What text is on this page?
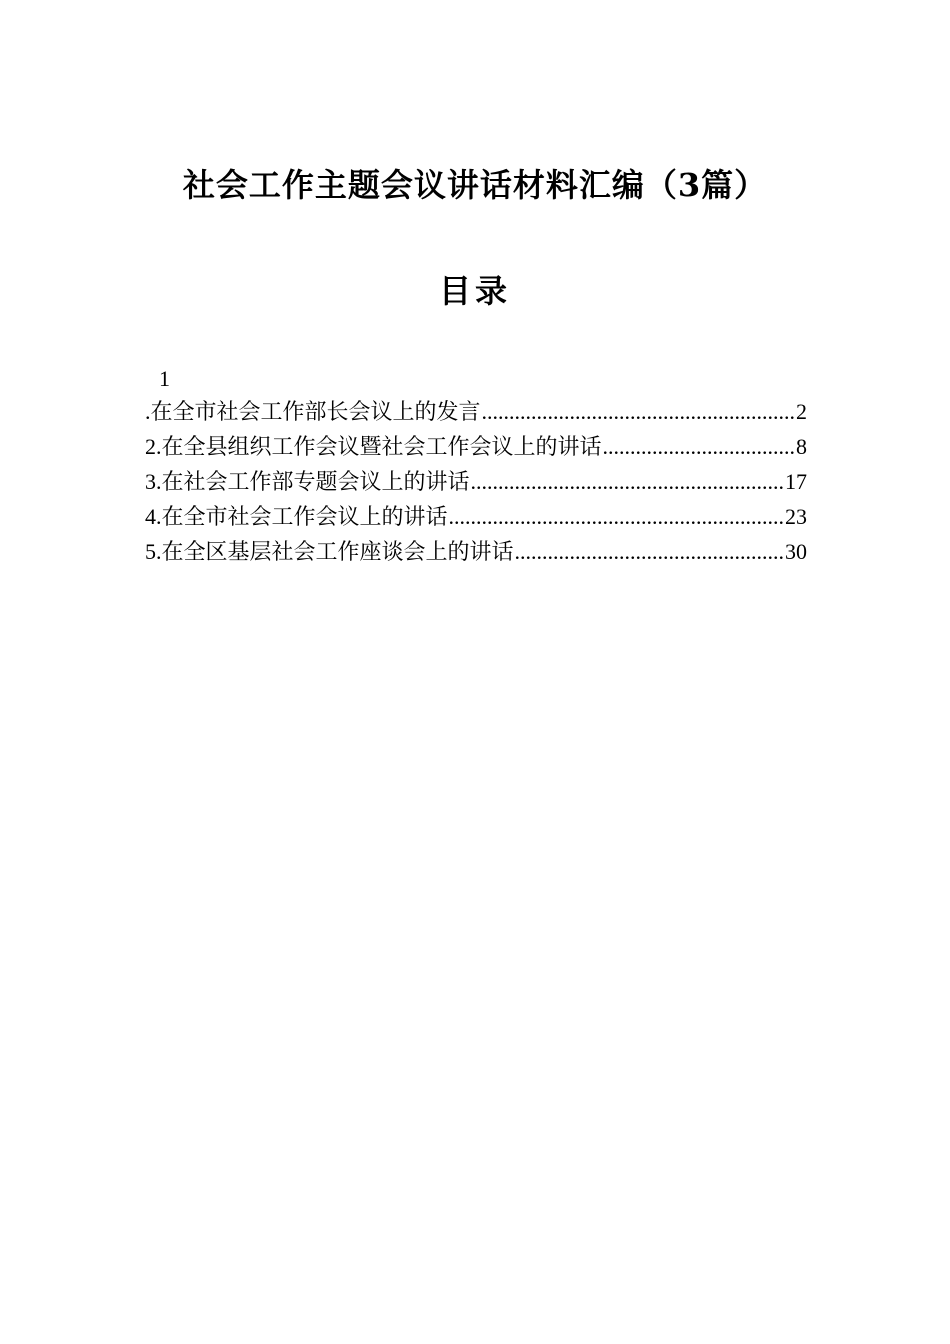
社会工作主题会议讲话材料汇编（3篇）
目录
1
. 在全市社会工作部长会议上的发言 .....	2
2. 在全县组织工作会议暨社会工作会议上的讲话 .....	8
3. 在社会工作部专题会议上的讲话 .....	17
4. 在全市社会工作会议上的讲话 .....	23
5. 在全区基层社会工作座谈会上的讲话 .....	30
